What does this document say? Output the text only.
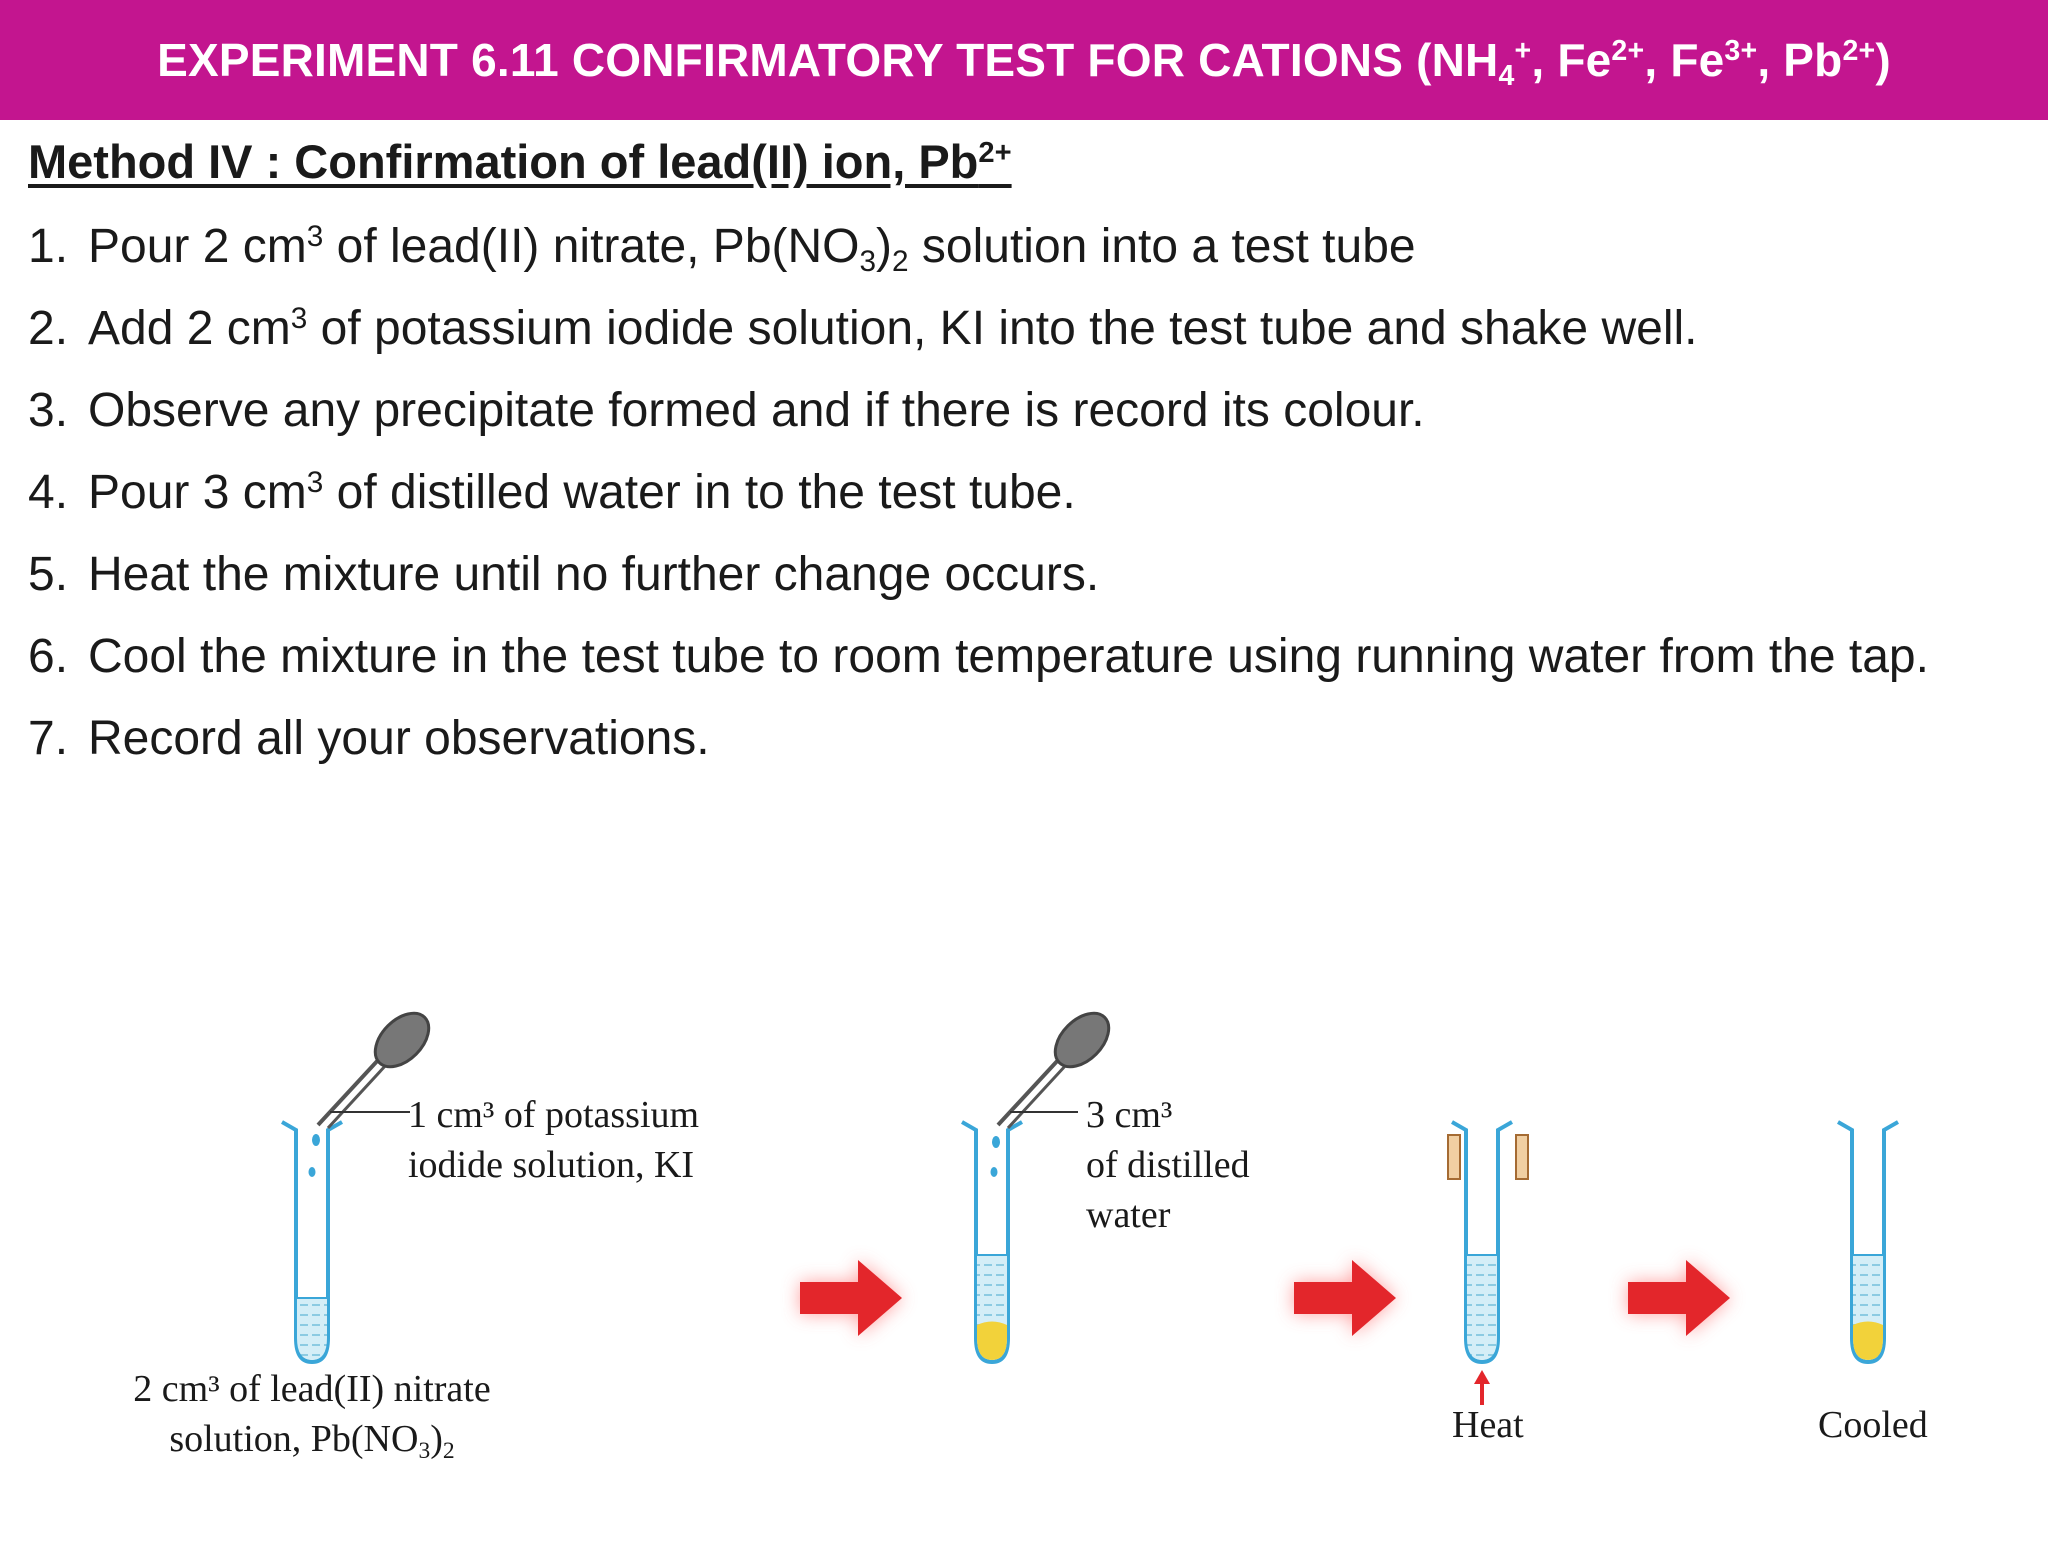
EXPERIMENT 6.11 CONFIRMATORY TEST FOR CATIONS ($NH_4^+$, $Fe^{2+}$, $Fe^{3+}$, $Pb^{2+}$)
Method IV : Confirmation of lead(II) ion, $Pb^{2+}$
1. Pour 2 $cm^3$ of lead(II) nitrate, $Pb(NO_3)_2$ solution into a test tube
2. Add 2 $cm^3$ of potassium iodide solution, KI into the test tube and shake well.
3. Observe any precipitate formed and if there is record its colour.
4. Pour 3 $cm^3$ of distilled water in to the test tube.
5. Heat the mixture until no further change occurs.
6. Cool the mixture in the test tube to room temperature using running water from the tap.
7. Record all your observations.
1 cm³ of potassium
iodide solution, KI
2 cm³ of lead(II) nitrate
solution, $Pb(NO_3)_2$
3 cm³
of distilled
water
Heat	Cooled
